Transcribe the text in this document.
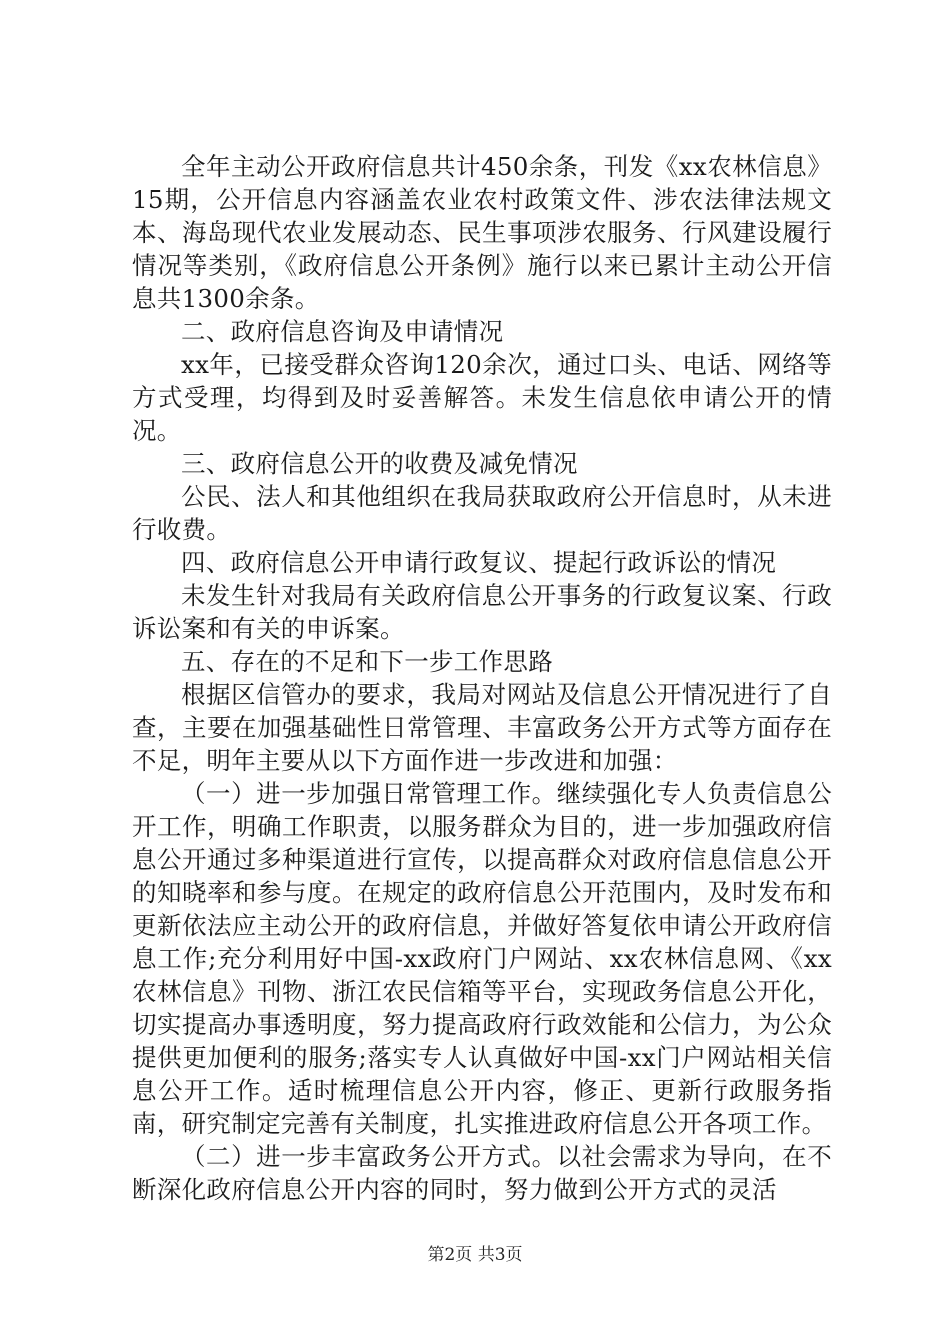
全年主动公开政府信息共计450余条，刊发《xx农林信息》15期，公开信息内容涵盖农业农村政策文件、涉农法律法规文本、海岛现代农业发展动态、民生事项涉农服务、行风建设履行情况等类别，《政府信息公开条例》施行以来已累计主动公开信息共1300余条。

二、政府信息咨询及申请情况

xx年，已接受群众咨询120余次，通过口头、电话、网络等方式受理，均得到及时妥善解答。未发生信息依申请公开的情况。

三、政府信息公开的收费及减免情况

公民、法人和其他组织在我局获取政府公开信息时，从未进行收费。

四、政府信息公开申请行政复议、提起行政诉讼的情况

未发生针对我局有关政府信息公开事务的行政复议案、行政诉讼案和有关的申诉案。

五、存在的不足和下一步工作思路

根据区信管办的要求，我局对网站及信息公开情况进行了自查，主要在加强基础性日常管理、丰富政务公开方式等方面存在不足，明年主要从以下方面作进一步改进和加强：

（一）进一步加强日常管理工作。继续强化专人负责信息公开工作，明确工作职责，以服务群众为目的，进一步加强政府信息公开通过多种渠道进行宣传，以提高群众对政府信息信息公开的知晓率和参与度。在规定的政府信息公开范围内，及时发布和更新依法应主动公开的政府信息，并做好答复依申请公开政府信息工作;充分利用好中国-xx政府门户网站、xx农林信息网、《xx农林信息》刊物、浙江农民信箱等平台，实现政务信息公开化，切实提高办事透明度，努力提高政府行政效能和公信力，为公众提供更加便利的服务;落实专人认真做好中国-xx门户网站相关信息公开工作。适时梳理信息公开内容，修正、更新行政服务指南，研究制定完善有关制度，扎实推进政府信息公开各项工作。

（二）进一步丰富政务公开方式。以社会需求为导向，在不断深化政府信息公开内容的同时，努力做到公开方式的灵活

第2页 共3页
